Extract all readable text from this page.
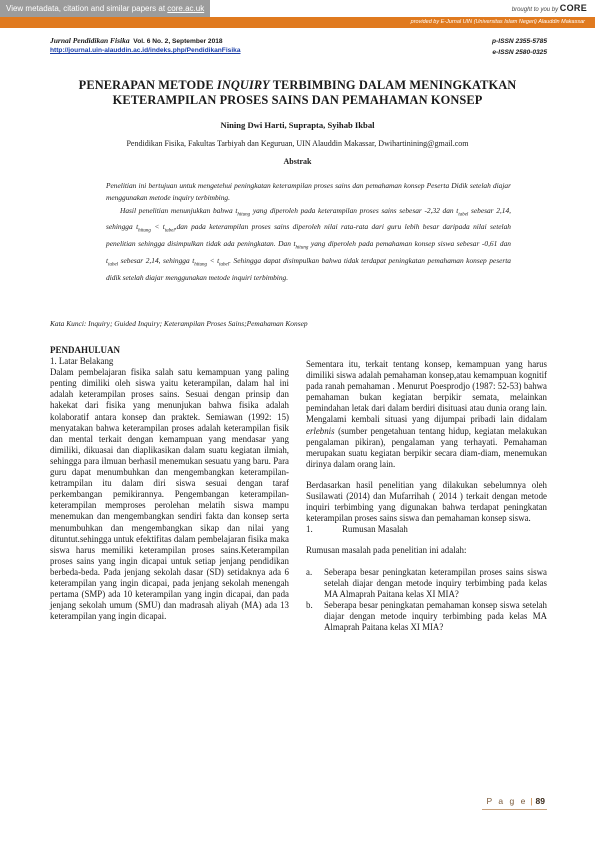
View metadata, citation and similar papers at core.ac.uk	brought to you by CORE
provided by E-Jurnal UIN (Universitas Islam Negeri) Alauddin Makassar
Jurnal Pendidikan Fisika Vol. 6 No. 2, September 2018
http://journal.uin-alauddin.ac.id/indeks.php/PendidikanFisika
p-ISSN 2355-5785
e-ISSN 2580-0325
PENERAPAN METODE INQUIRY TERBIMBING DALAM MENINGKATKAN
KETERAMPILAN PROSES SAINS DAN PEMAHAMAN KONSEP
Nining Dwi Harti, Suprapta, Syihab Ikbal
Pendidikan Fisika, Fakultas Tarbiyah dan Keguruan, UIN Alauddin Makassar, Dwihartinining@gmail.com
Abstrak

Penelitian ini bertujuan untuk mengetehui peningkatan keterampilan proses sains dan pemahaman konsep Peserta Didik setelah diajar menggunakan metode inquiry terbimbing.

Hasil penelitian menunjukkan bahwa $t_{hitung}$ yang diperoleh pada keterampilan proses sains sebesar -2,32 dan $t_{tabel}$ sebesar 2,14, sehingga $t_{hitung} < t_{tabel},dan$ pada keterampilan proses sains diperoleh nilai rata-rata dari guru lebih besar daripada nilai setelah penelitian sehingga disimpulkan tidak ada peningkatan. Dan $t_{hitung}$ yang diperoleh pada pemahaman konsep siswa sebesar -0,61 dan $t_{tabel}$ sebesar 2,14, sehingga $t_{hitung} < t_{tabel}$. Sehingga dapat disimpulkan bahwa tidak terdapat peningkatan pemahaman konsep peserta didik setelah diajar menggunakan metode inquiri terbimbing.

Kata Kunci: Inquiry; Guided Inquiry; Keterampilan Proses Sains;Pemahaman Konsep

PENDAHULUAN

1. Latar Belakang

Dalam pembelajaran fisika salah satu kemampuan yang paling penting dimiliki oleh siswa yaitu keterampilan, dalam hal ini adalah keterampilan proses sains. Sesuai dengan prinsip dan hakekat dari fisika yang menunjukan bahwa fisika adalah kolaboratif antara konsep dan praktek. Semiawan (1992: 15) menyatakan bahwa keterampilan proses adalah keterampilan fisik dan mental terkait dengan kemampuan yang mendasar yang dimiliki, dikuasai dan diaplikasikan dalam suatu kegiatan ilmiah, sehingga para ilmuan berhasil menemukan sesuatu yang baru. Para guru dapat menumbuhkan dan mengembangkan keterampilan-ketrampilan itu dalam diri siswa sesuai dengan taraf perkembangan pemikirannya. Pengembangan keterampilan-keterampilan memproses perolehan melatih siswa mampu menemukan dan mengembangkan sendiri fakta dan konsep serta menumbuhkan dan mengembangkan sikap dan nilai yang dituntut.sehingga untuk efektifitas dalam pembelajaran fisika maka siswa harus memiliki keterampilan proses sains.Keterampilan proses sains yang ingin dicapai untuk setiap jenjang pendidikan berbeda-beda. Pada jenjang sekolah dasar (SD) setidaknya ada 6 keterampilan yang ingin dicapai, pada jenjang sekolah menengah pertama (SMP) ada 10 keterampilan yang ingin dicapai, dan pada jenjang sekolah umum (SMU) dan madrasah aliyah (MA) ada 13 keterampilan yang ingin dicapai.

Sementara itu, terkait tentang konsep, kemampuan yang harus dimiliki siswa adalah pemahaman konsep,atau kemampuan kognitif pada ranah pemahaman . Menurut Poesprodjo (1987: 52-53) bahwa pemahaman bukan kegiatan berpikir semata, melainkan pemindahan letak dari dalam berdiri disituasi atau dunia orang lain. Mengalami kembali situasi yang dijumpai pribadi lain didalam erlebnis (sumber pengetahuan tentang hidup, kegiatan melakukan pengalaman pikiran), pengalaman yang terhayati. Pemahaman merupakan suatu kegiatan berpikir secara diam-diam, menemukan dirinya dalam orang lain.

Berdasarkan hasil penelitian yang dilakukan sebelumnya oleh Susilawati (2014) dan Mufarrihah ( 2014 ) terkait dengan metode inquiri terbimbing yang digunakan bahwa terdapat peningkatan keterampilan proses sains siswa dan pemahaman konsep siswa.

1.	Rumusan Masalah

Rumusan masalah pada penelitian ini adalah:

a.	Seberapa besar peningkatan keterampilan proses sains siswa setelah diajar dengan metode inquiry terbimbing pada kelas MA Almaprah Paitana kelas XI MIA?

b.	Seberapa besar peningkatan pemahaman konsep siswa setelah diajar dengan metode inquiry terbimbing pada kelas MA Almaprah Paitana kelas XI MIA?

P a g e | 89
